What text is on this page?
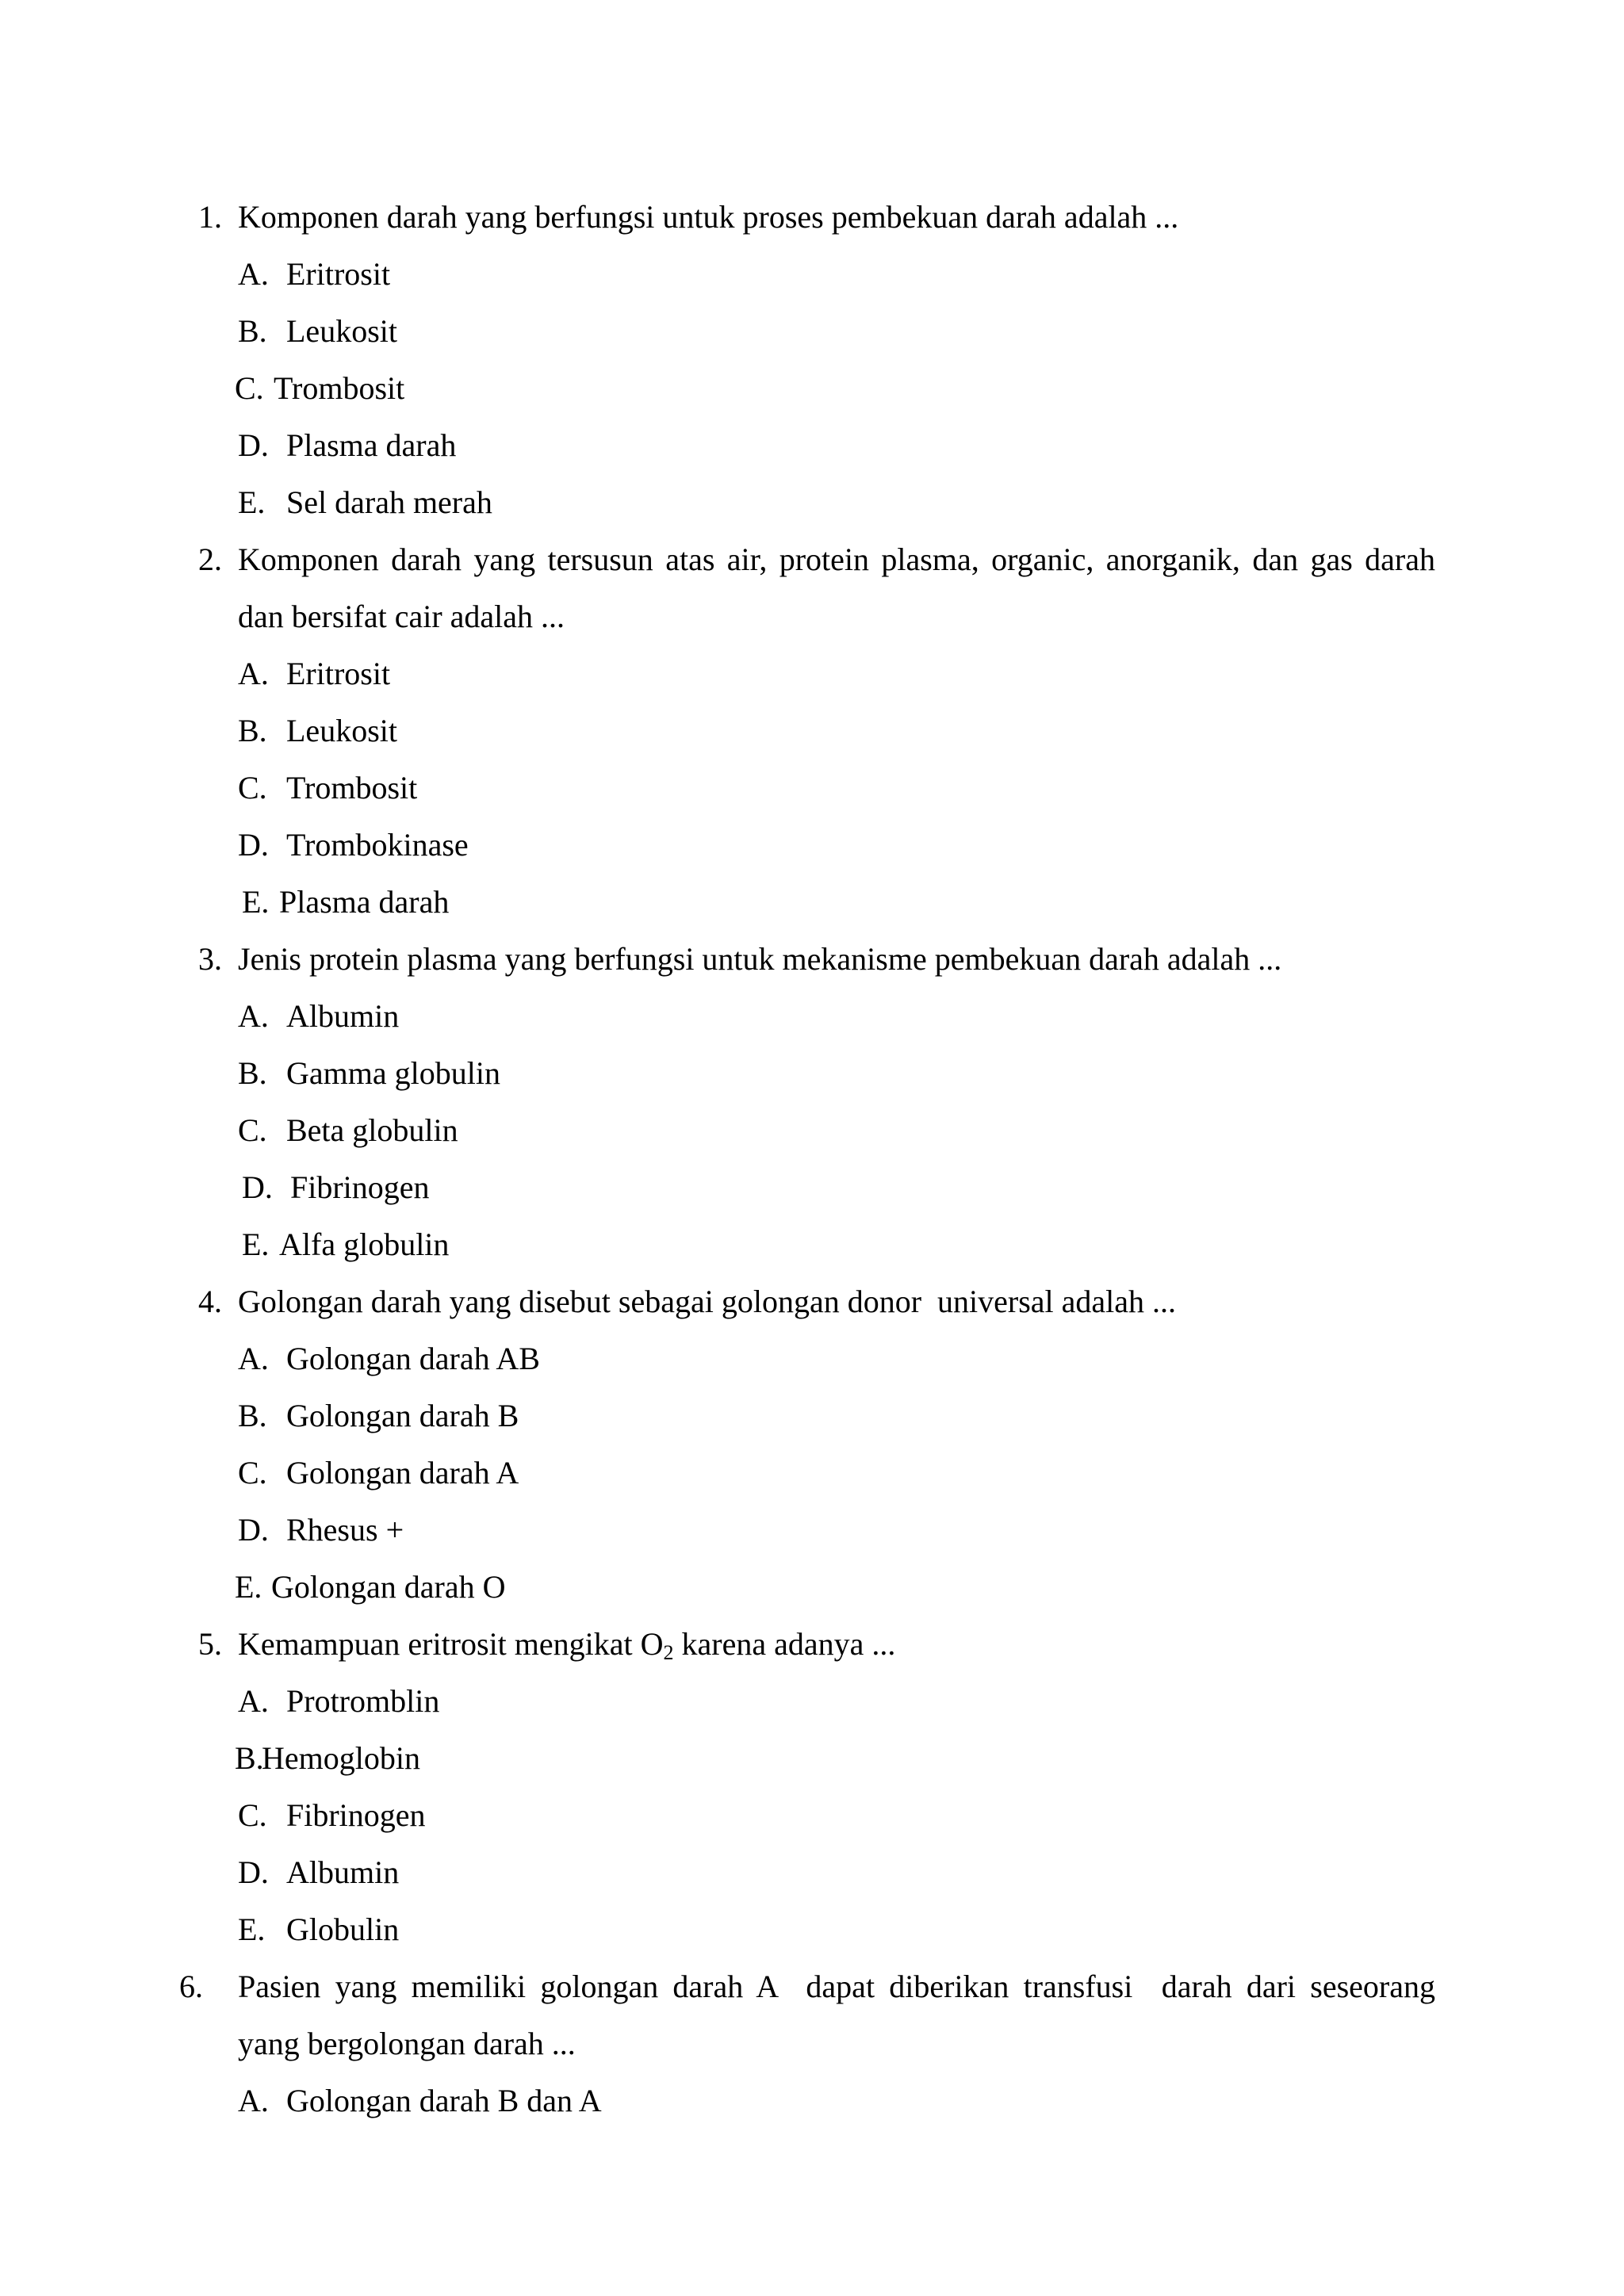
1. Komponen darah yang berfungsi untuk proses pembekuan darah adalah ...
A. Eritrosit
B. Leukosit
C. Trombosit
D. Plasma darah
E. Sel darah merah
2. Komponen darah yang tersusun atas air, protein plasma, organic, anorganik, dan gas darah
dan bersifat cair adalah ...
A. Eritrosit
B. Leukosit
C. Trombosit
D. Trombokinase
E. Plasma darah
3. Jenis protein plasma yang berfungsi untuk mekanisme pembekuan darah adalah ...
A. Albumin
B. Gamma globulin
C. Beta globulin
D. Fibrinogen
E. Alfa globulin
4. Golongan darah yang disebut sebagai golongan donor  universal adalah ...
A. Golongan darah AB
B. Golongan darah B
C. Golongan darah A
D. Rhesus +
E. Golongan darah O
5. Kemampuan eritrosit mengikat $O_2$ karena adanya ...
A. Protromblin
B.
Hemoglobin
C. Fibrinogen
D. Albumin
E. Globulin
6. Pasien yang memiliki golongan darah A  dapat diberikan transfusi  darah dari seseorang
yang bergolongan darah ...
A. Golongan darah B dan A
